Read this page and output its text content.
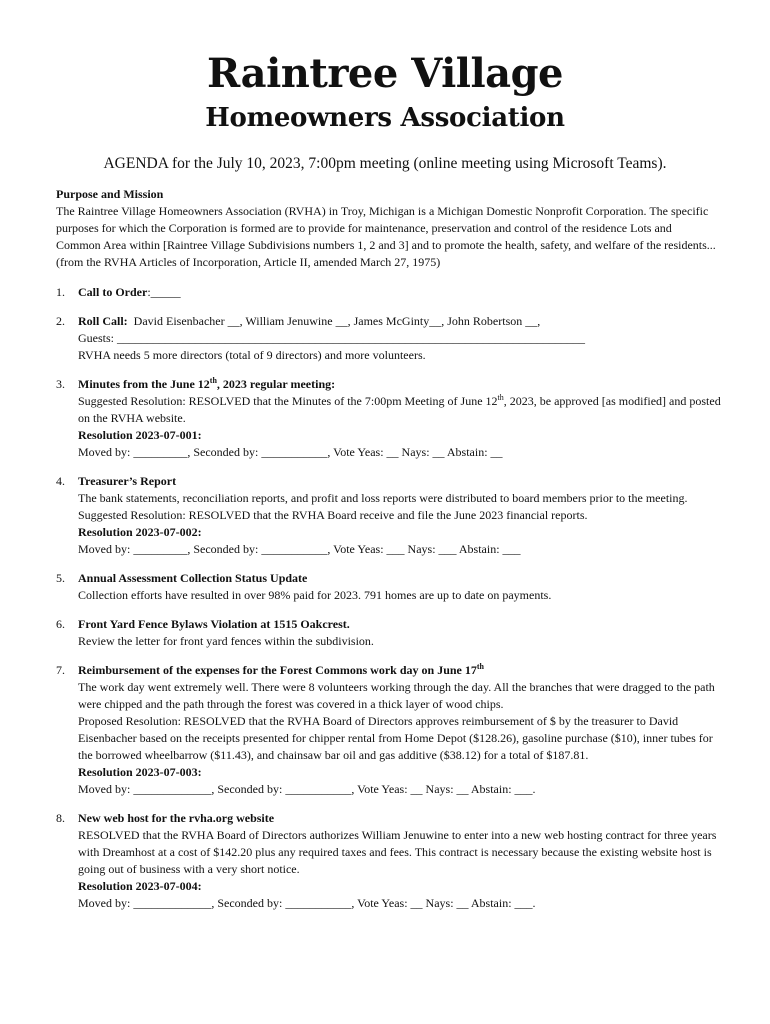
Raintree Village
Homeowners Association
AGENDA for the July 10, 2023, 7:00pm meeting (online meeting using Microsoft Teams).
Purpose and Mission
The Raintree Village Homeowners Association (RVHA) in Troy, Michigan is a Michigan Domestic Nonprofit Corporation. The specific purposes for which the Corporation is formed are to provide for maintenance, preservation and control of the residence Lots and Common Area within [Raintree Village Subdivisions numbers 1, 2 and 3] and to promote the health, safety, and welfare of the residents... (from the RVHA Articles of Incorporation, Article II, amended March 27, 1975)
1. Call to Order:_____
2. Roll Call:  David Eisenbacher __, William Jenuwine __, James McGinty__, John Robertson __,
Guests: ______________________________________________________________________________
RVHA needs 5 more directors (total of 9 directors) and more volunteers.
3. Minutes from the June 12th, 2023 regular meeting:
Suggested Resolution: RESOLVED that the Minutes of the 7:00pm Meeting of June 12th, 2023, be approved [as modified] and posted on the RVHA website.
Resolution 2023-07-001:
Moved by: _________, Seconded by: ___________, Vote Yeas: __ Nays: __ Abstain: __
4. Treasurer’s Report
The bank statements, reconciliation reports, and profit and loss reports were distributed to board members prior to the meeting.
Suggested Resolution: RESOLVED that the RVHA Board receive and file the June 2023 financial reports.
Resolution 2023-07-002:
Moved by: _________, Seconded by: ___________, Vote Yeas: ___ Nays: ___ Abstain: ___
5. Annual Assessment Collection Status Update
Collection efforts have resulted in over 98% paid for 2023. 791 homes are up to date on payments.
6. Front Yard Fence Bylaws Violation at 1515 Oakcrest.
Review the letter for front yard fences within the subdivision.
7. Reimbursement of the expenses for the Forest Commons work day on June 17th
The work day went extremely well. There were 8 volunteers working through the day. All the branches that were dragged to the path were chipped and the path through the forest was covered in a thick layer of wood chips.
Proposed Resolution: RESOLVED that the RVHA Board of Directors approves reimbursement of $ by the treasurer to David Eisenbacher based on the receipts presented for chipper rental from Home Depot ($128.26), gasoline purchase ($10), inner tubes for the borrowed wheelbarrow ($11.43), and chainsaw bar oil and gas additive ($38.12) for a total of $187.81.
Resolution 2023-07-003:
Moved by: _____________, Seconded by: ___________, Vote Yeas: __ Nays: __ Abstain: ___.
8. New web host for the rvha.org website
RESOLVED that the RVHA Board of Directors authorizes William Jenuwine to enter into a new web hosting contract for three years with Dreamhost at a cost of $142.20 plus any required taxes and fees. This contract is necessary because the existing website host is going out of business with a very short notice.
Resolution 2023-07-004:
Moved by: _____________, Seconded by: ___________, Vote Yeas: __ Nays: __ Abstain: ___.
